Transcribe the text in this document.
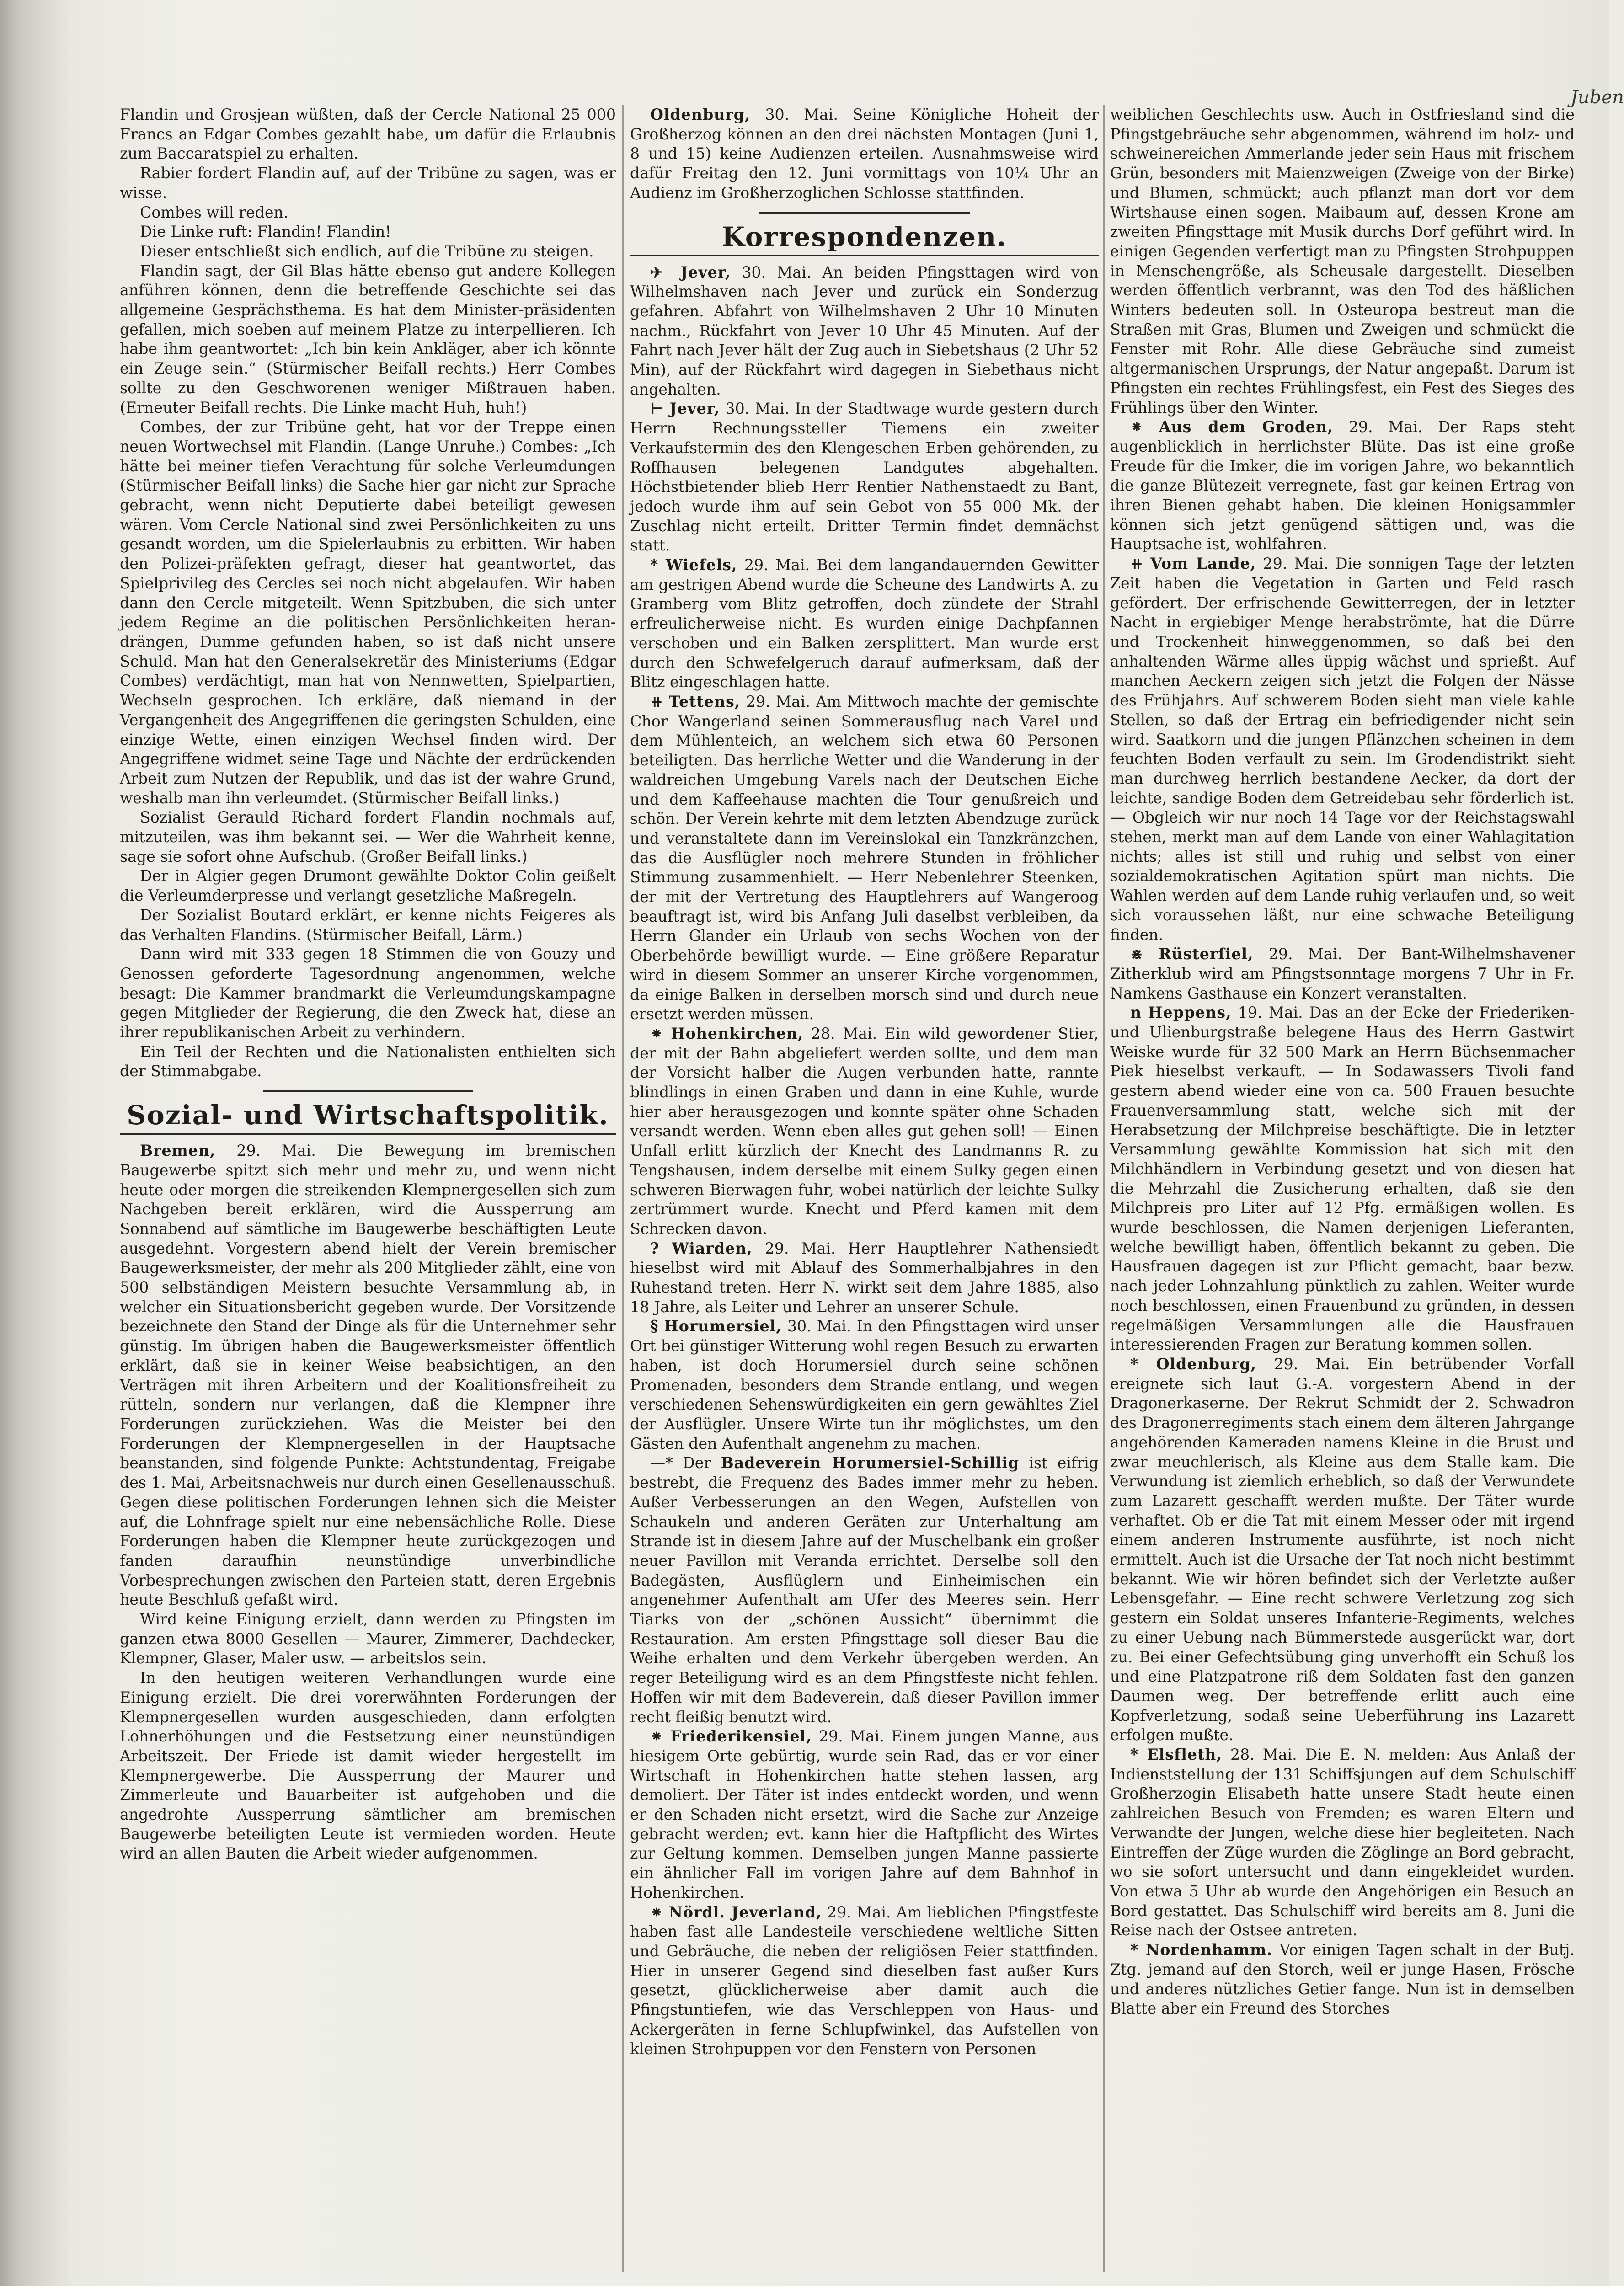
Juben

Flandin und Grosjean wüßten, daß der Cercle National 25 000 Francs an Edgar Combes gezahlt habe, um dafür die Erlaubnis zum Baccaratspiel zu erhalten.

Rabier fordert Flandin auf, auf der Tribüne zu sagen, was er wisse.

Combes will reden.

Die Linke ruft: Flandin! Flandin!

Dieser entschließt sich endlich, auf die Tribüne zu steigen.

Flandin sagt, der Gil Blas hätte ebenso gut andere Kollegen anführen können, denn die betreffende Geschichte sei das allgemeine Gesprächsthema. Es hat dem Minister-präsidenten gefallen, mich soeben auf meinem Platze zu interpellieren. Ich habe ihm geantwortet: „Ich bin kein Ankläger, aber ich könnte ein Zeuge sein.“ (Stürmischer Beifall rechts.) Herr Combes sollte zu den Geschworenen weniger Mißtrauen haben. (Erneuter Beifall rechts. Die Linke macht Huh, huh!)

Combes, der zur Tribüne geht, hat vor der Treppe einen neuen Wortwechsel mit Flandin. (Lange Unruhe.) Combes: „Ich hätte bei meiner tiefen Verachtung für solche Verleumdungen (Stürmischer Beifall links) die Sache hier gar nicht zur Sprache gebracht, wenn nicht Deputierte dabei beteiligt gewesen wären. Vom Cercle National sind zwei Persönlichkeiten zu uns gesandt worden, um die Spielerlaubnis zu erbitten. Wir haben den Polizei-präfekten gefragt, dieser hat geantwortet, das Spielprivileg des Cercles sei noch nicht abgelaufen. Wir haben dann den Cercle mitgeteilt. Wenn Spitzbuben, die sich unter jedem Regime an die politischen Persönlichkeiten heran-drängen, Dumme gefunden haben, so ist daß nicht unsere Schuld. Man hat den Generalsekretär des Ministeriums (Edgar Combes) verdächtigt, man hat von Nennwetten, Spielpartien, Wechseln gesprochen. Ich erkläre, daß niemand in der Vergangenheit des Angegriffenen die geringsten Schulden, eine einzige Wette, einen einzigen Wechsel finden wird. Der Angegriffene widmet seine Tage und Nächte der erdrückenden Arbeit zum Nutzen der Republik, und das ist der wahre Grund, weshalb man ihn verleumdet. (Stürmischer Beifall links.)

Sozialist Gerauld Richard fordert Flandin nochmals auf, mitzuteilen, was ihm bekannt sei. — Wer die Wahrheit kenne, sage sie sofort ohne Aufschub. (Großer Beifall links.)

Der in Algier gegen Drumont gewählte Doktor Colin geißelt die Verleumderpresse und verlangt gesetzliche Maßregeln.

Der Sozialist Boutard erklärt, er kenne nichts Feigeres als das Verhalten Flandins. (Stürmischer Beifall, Lärm.)

Dann wird mit 333 gegen 18 Stimmen die von Gouzy und Genossen geforderte Tagesordnung angenommen, welche besagt: Die Kammer brandmarkt die Verleumdungskampagne gegen Mitglieder der Regierung, die den Zweck hat, diese an ihrer republikanischen Arbeit zu verhindern.

Ein Teil der Rechten und die Nationalisten enthielten sich der Stimmabgabe.

Sozial- und Wirtschaftspolitik.

Bremen, 29. Mai. Die Bewegung im bremischen Baugewerbe spitzt sich mehr und mehr zu, und wenn nicht heute oder morgen die streikenden Klempnergesellen sich zum Nachgeben bereit erklären, wird die Aussperrung am Sonnabend auf sämtliche im Baugewerbe beschäftigten Leute ausgedehnt. Vorgestern abend hielt der Verein bremischer Baugewerksmeister, der mehr als 200 Mitglieder zählt, eine von 500 selbständigen Meistern besuchte Versammlung ab, in welcher ein Situationsbericht gegeben wurde. Der Vorsitzende bezeichnete den Stand der Dinge als für die Unternehmer sehr günstig. Im übrigen haben die Baugewerksmeister öffentlich erklärt, daß sie in keiner Weise beabsichtigen, an den Verträgen mit ihren Arbeitern und der Koalitionsfreiheit zu rütteln, sondern nur verlangen, daß die Klempner ihre Forderungen zurückziehen. Was die Meister bei den Forderungen der Klempnergesellen in der Hauptsache beanstanden, sind folgende Punkte: Achtstundentag, Freigabe des 1. Mai, Arbeitsnachweis nur durch einen Gesellenausschuß. Gegen diese politischen Forderungen lehnen sich die Meister auf, die Lohnfrage spielt nur eine nebensächliche Rolle. Diese Forderungen haben die Klempner heute zurückgezogen und fanden daraufhin neunstündige unverbindliche Vorbesprechungen zwischen den Parteien statt, deren Ergebnis heute Beschluß gefaßt wird.

Wird keine Einigung erzielt, dann werden zu Pfingsten im ganzen etwa 8000 Gesellen — Maurer, Zimmerer, Dachdecker, Klempner, Glaser, Maler usw. — arbeitslos sein.

In den heutigen weiteren Verhandlungen wurde eine Einigung erzielt. Die drei vorerwähnten Forderungen der Klempnergesellen wurden ausgeschieden, dann erfolgten Lohnerhöhungen und die Festsetzung einer neunstündigen Arbeitszeit. Der Friede ist damit wieder hergestellt im Klempnergewerbe. Die Aussperrung der Maurer und Zimmerleute und Bauarbeiter ist aufgehoben und die angedrohte Aussperrung sämtlicher am bremischen Baugewerbe beteiligten Leute ist vermieden worden. Heute wird an allen Bauten die Arbeit wieder aufgenommen.

Oldenburg, 30. Mai. Seine Königliche Hoheit der Großherzog können an den drei nächsten Montagen (Juni 1, 8 und 15) keine Audienzen erteilen. Ausnahmsweise wird dafür Freitag den 12. Juni vormittags von 10¼ Uhr an Audienz im Großherzoglichen Schlosse stattfinden.

Korrespondenzen.

✈ Jever, 30. Mai. An beiden Pfingsttagen wird von Wilhelmshaven nach Jever und zurück ein Sonderzug gefahren. Abfahrt von Wilhelmshaven 2 Uhr 10 Minuten nachm., Rückfahrt von Jever 10 Uhr 45 Minuten. Auf der Fahrt nach Jever hält der Zug auch in Siebetshaus (2 Uhr 52 Min), auf der Rückfahrt wird dagegen in Siebethaus nicht angehalten.

⊢ Jever, 30. Mai. In der Stadtwage wurde gestern durch Herrn Rechnungssteller Tiemens ein zweiter Verkaufstermin des den Klengeschen Erben gehörenden, zu Roffhausen belegenen Landgutes abgehalten. Höchstbietender blieb Herr Rentier Nathenstaedt zu Bant, jedoch wurde ihm auf sein Gebot von 55 000 Mk. der Zuschlag nicht erteilt. Dritter Termin findet demnächst statt.

* Wiefels, 29. Mai. Bei dem langandauernden Gewitter am gestrigen Abend wurde die Scheune des Landwirts A. zu Gramberg vom Blitz getroffen, doch zündete der Strahl erfreulicherweise nicht. Es wurden einige Dachpfannen verschoben und ein Balken zersplittert. Man wurde erst durch den Schwefelgeruch darauf aufmerksam, daß der Blitz eingeschlagen hatte.

⧺ Tettens, 29. Mai. Am Mittwoch machte der gemischte Chor Wangerland seinen Sommerausflug nach Varel und dem Mühlenteich, an welchem sich etwa 60 Personen beteiligten. Das herrliche Wetter und die Wanderung in der waldreichen Umgebung Varels nach der Deutschen Eiche und dem Kaffeehause machten die Tour genußreich und schön. Der Verein kehrte mit dem letzten Abendzuge zurück und veranstaltete dann im Vereinslokal ein Tanzkränzchen, das die Ausflügler noch mehrere Stunden in fröhlicher Stimmung zusammenhielt. — Herr Nebenlehrer Steenken, der mit der Vertretung des Hauptlehrers auf Wangeroog beauftragt ist, wird bis Anfang Juli daselbst verbleiben, da Herrn Glander ein Urlaub von sechs Wochen von der Oberbehörde bewilligt wurde. — Eine größere Reparatur wird in diesem Sommer an unserer Kirche vorgenommen, da einige Balken in derselben morsch sind und durch neue ersetzt werden müssen.

⁕ Hohenkirchen, 28. Mai. Ein wild gewordener Stier, der mit der Bahn abgeliefert werden sollte, und dem man der Vorsicht halber die Augen verbunden hatte, rannte blindlings in einen Graben und dann in eine Kuhle, wurde hier aber herausgezogen und konnte später ohne Schaden versandt werden. Wenn eben alles gut gehen soll! — Einen Unfall erlitt kürzlich der Knecht des Landmanns R. zu Tengshausen, indem derselbe mit einem Sulky gegen einen schweren Bierwagen fuhr, wobei natürlich der leichte Sulky zertrümmert wurde. Knecht und Pferd kamen mit dem Schrecken davon.

? Wiarden, 29. Mai. Herr Hauptlehrer Nathensiedt hieselbst wird mit Ablauf des Sommerhalbjahres in den Ruhestand treten. Herr N. wirkt seit dem Jahre 1885, also 18 Jahre, als Leiter und Lehrer an unserer Schule.

§ Horumersiel, 30. Mai. In den Pfingsttagen wird unser Ort bei günstiger Witterung wohl regen Besuch zu erwarten haben, ist doch Horumersiel durch seine schönen Promenaden, besonders dem Strande entlang, und wegen verschiedenen Sehenswürdigkeiten ein gern gewähltes Ziel der Ausflügler. Unsere Wirte tun ihr möglichstes, um den Gästen den Aufenthalt angenehm zu machen.

—* Der Badeverein Horumersiel-Schillig ist eifrig bestrebt, die Frequenz des Bades immer mehr zu heben. Außer Verbesserungen an den Wegen, Aufstellen von Schaukeln und anderen Geräten zur Unterhaltung am Strande ist in diesem Jahre auf der Muschelbank ein großer neuer Pavillon mit Veranda errichtet. Derselbe soll den Badegästen, Ausflüglern und Einheimischen ein angenehmer Aufenthalt am Ufer des Meeres sein. Herr Tiarks von der „schönen Aussicht“ übernimmt die Restauration. Am ersten Pfingsttage soll dieser Bau die Weihe erhalten und dem Verkehr übergeben werden. An reger Beteiligung wird es an dem Pfingstfeste nicht fehlen. Hoffen wir mit dem Badeverein, daß dieser Pavillon immer recht fleißig benutzt wird.

⁕ Friederikensiel, 29. Mai. Einem jungen Manne, aus hiesigem Orte gebürtig, wurde sein Rad, das er vor einer Wirtschaft in Hohenkirchen hatte stehen lassen, arg demoliert. Der Täter ist indes entdeckt worden, und wenn er den Schaden nicht ersetzt, wird die Sache zur Anzeige gebracht werden; evt. kann hier die Haftpflicht des Wirtes zur Geltung kommen. Demselben jungen Manne passierte ein ähnlicher Fall im vorigen Jahre auf dem Bahnhof in Hohenkirchen.

⁕ Nördl. Jeverland, 29. Mai. Am lieblichen Pfingstfeste haben fast alle Landesteile verschiedene weltliche Sitten und Gebräuche, die neben der religiösen Feier stattfinden. Hier in unserer Gegend sind dieselben fast außer Kurs gesetzt, glücklicherweise aber damit auch die Pfingstuntiefen, wie das Verschleppen von Haus- und Ackergeräten in ferne Schlupfwinkel, das Aufstellen von kleinen Strohpuppen vor den Fenstern von Personen

weiblichen Geschlechts usw. Auch in Ostfriesland sind die Pfingstgebräuche sehr abgenommen, während im holz- und schweinereichen Ammerlande jeder sein Haus mit frischem Grün, besonders mit Maienzweigen (Zweige von der Birke) und Blumen, schmückt; auch pflanzt man dort vor dem Wirtshause einen sogen. Maibaum auf, dessen Krone am zweiten Pfingsttage mit Musik durchs Dorf geführt wird. In einigen Gegenden verfertigt man zu Pfingsten Strohpuppen in Menschengröße, als Scheusale dargestellt. Dieselben werden öffentlich verbrannt, was den Tod des häßlichen Winters bedeuten soll. In Osteuropa bestreut man die Straßen mit Gras, Blumen und Zweigen und schmückt die Fenster mit Rohr. Alle diese Gebräuche sind zumeist altgermanischen Ursprungs, der Natur angepaßt. Darum ist Pfingsten ein rechtes Frühlingsfest, ein Fest des Sieges des Frühlings über den Winter.

⁕ Aus dem Groden, 29. Mai. Der Raps steht augenblicklich in herrlichster Blüte. Das ist eine große Freude für die Imker, die im vorigen Jahre, wo bekanntlich die ganze Blütezeit verregnete, fast gar keinen Ertrag von ihren Bienen gehabt haben. Die kleinen Honigsammler können sich jetzt genügend sättigen und, was die Hauptsache ist, wohlfahren.

⧺ Vom Lande, 29. Mai. Die sonnigen Tage der letzten Zeit haben die Vegetation in Garten und Feld rasch gefördert. Der erfrischende Gewitterregen, der in letzter Nacht in ergiebiger Menge herabströmte, hat die Dürre und Trockenheit hinweggenommen, so daß bei den anhaltenden Wärme alles üppig wächst und sprießt. Auf manchen Aeckern zeigen sich jetzt die Folgen der Nässe des Frühjahrs. Auf schwerem Boden sieht man viele kahle Stellen, so daß der Ertrag ein befriedigender nicht sein wird. Saatkorn und die jungen Pflänzchen scheinen in dem feuchten Boden verfault zu sein. Im Grodendistrikt sieht man durchweg herrlich bestandene Aecker, da dort der leichte, sandige Boden dem Getreidebau sehr förderlich ist. — Obgleich wir nur noch 14 Tage vor der Reichstagswahl stehen, merkt man auf dem Lande von einer Wahlagitation nichts; alles ist still und ruhig und selbst von einer sozialdemokratischen Agitation spürt man nichts. Die Wahlen werden auf dem Lande ruhig verlaufen und, so weit sich voraussehen läßt, nur eine schwache Beteiligung finden.

⋇ Rüsterſiel, 29. Mai. Der Bant-Wilhelmshavener Zitherklub wird am Pfingstsonntage morgens 7 Uhr in Fr. Namkens Gasthause ein Konzert veranstalten.

n Heppens, 19. Mai. Das an der Ecke der Friederiken- und Ulienburgstraße belegene Haus des Herrn Gastwirt Weiske wurde für 32 500 Mark an Herrn Büchsenmacher Piek hieselbst verkauft. — In Sodawassers Tivoli fand gestern abend wieder eine von ca. 500 Frauen besuchte Frauenversammlung statt, welche sich mit der Herabsetzung der Milchpreise beschäftigte. Die in letzter Versammlung gewählte Kommission hat sich mit den Milchhändlern in Verbindung gesetzt und von diesen hat die Mehrzahl die Zusicherung erhalten, daß sie den Milchpreis pro Liter auf 12 Pfg. ermäßigen wollen. Es wurde beschlossen, die Namen derjenigen Lieferanten, welche bewilligt haben, öffentlich bekannt zu geben. Die Hausfrauen dagegen ist zur Pflicht gemacht, baar bezw. nach jeder Lohnzahlung pünktlich zu zahlen. Weiter wurde noch beschlossen, einen Frauenbund zu gründen, in dessen regelmäßigen Versammlungen alle die Hausfrauen interessierenden Fragen zur Beratung kommen sollen.

* Oldenburg, 29. Mai. Ein betrübender Vorfall ereignete sich laut G.-A. vorgestern Abend in der Dragonerkaserne. Der Rekrut Schmidt der 2. Schwadron des Dragonerregiments stach einem dem älteren Jahrgange angehörenden Kameraden namens Kleine in die Brust und zwar meuchlerisch, als Kleine aus dem Stalle kam. Die Verwundung ist ziemlich erheblich, so daß der Verwundete zum Lazarett geschafft werden mußte. Der Täter wurde verhaftet. Ob er die Tat mit einem Messer oder mit irgend einem anderen Instrumente ausführte, ist noch nicht ermittelt. Auch ist die Ursache der Tat noch nicht bestimmt bekannt. Wie wir hören befindet sich der Verletzte außer Lebensgefahr. — Eine recht schwere Verletzung zog sich gestern ein Soldat unseres Infanterie-Regiments, welches zu einer Uebung nach Bümmerstede ausgerückt war, dort zu. Bei einer Gefechtsübung ging unverhofft ein Schuß los und eine Platzpatrone riß dem Soldaten fast den ganzen Daumen weg. Der betreffende erlitt auch eine Kopfverletzung, sodaß seine Ueberführung ins Lazarett erfolgen mußte.

* Elsfleth, 28. Mai. Die E. N. melden: Aus Anlaß der Indienststellung der 131 Schiffsjungen auf dem Schulschiff Großherzogin Elisabeth hatte unsere Stadt heute einen zahlreichen Besuch von Fremden; es waren Eltern und Verwandte der Jungen, welche diese hier begleiteten. Nach Eintreffen der Züge wurden die Zöglinge an Bord gebracht, wo sie sofort untersucht und dann eingekleidet wurden. Von etwa 5 Uhr ab wurde den Angehörigen ein Besuch an Bord gestattet. Das Schulschiff wird bereits am 8. Juni die Reise nach der Ostsee antreten.

* Nordenhamm. Vor einigen Tagen schalt in der Butj. Ztg. jemand auf den Storch, weil er junge Hasen, Frösche und anderes nützliches Getier fange. Nun ist in demselben Blatte aber ein Freund des Storches
